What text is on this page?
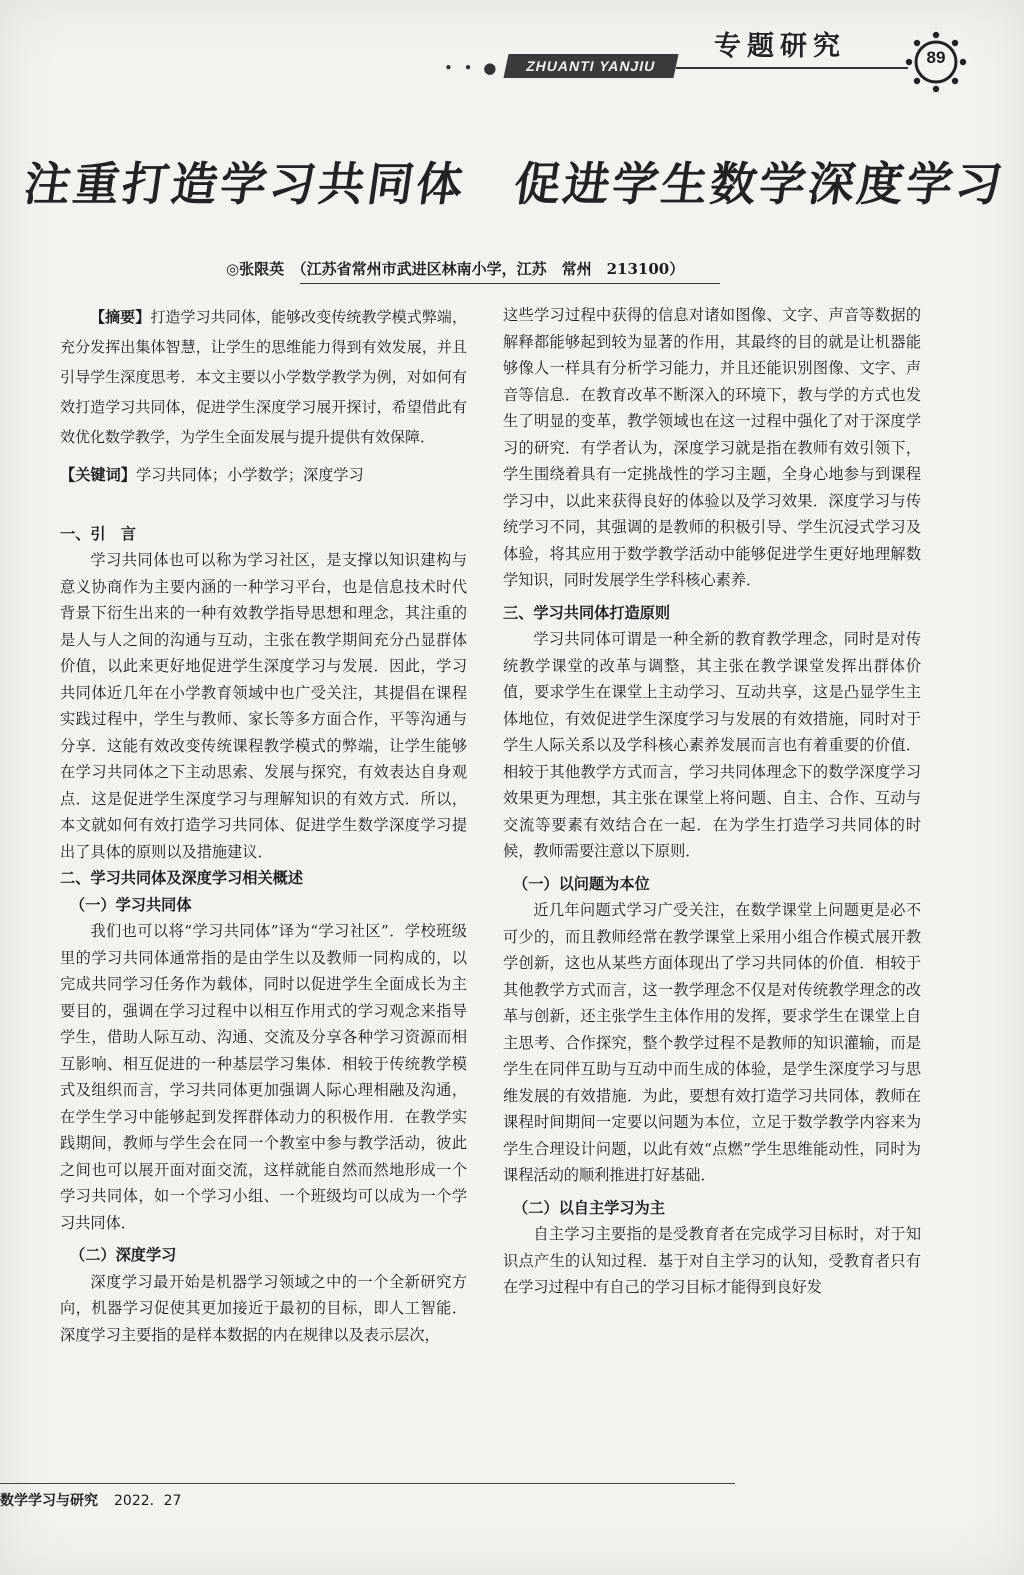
专题研究
• • ●	ZHUANTI YANJIU	89
注重打造学习共同体　促进学生数学深度学习
◎张限英　（江苏省常州市武进区林南小学，江苏　常州　213100）

【摘要】打造学习共同体，能够改变传统教学模式弊端，充分发挥出集体智慧，让学生的思维能力得到有效发展，并且引导学生深度思考．本文主要以小学数学教学为例，对如何有效打造学习共同体，促进学生深度学习展开探讨，希望借此有效优化数学教学，为学生全面发展与提升提供有效保障．

【关键词】学习共同体；小学数学；深度学习

一、引　言

学习共同体也可以称为学习社区，是支撑以知识建构与意义协商作为主要内涵的一种学习平台，也是信息技术时代背景下衍生出来的一种有效教学指导思想和理念，其注重的是人与人之间的沟通与互动，主张在教学期间充分凸显群体价值，以此来更好地促进学生深度学习与发展．因此，学习共同体近几年在小学教育领域中也广受关注，其提倡在课程实践过程中，学生与教师、家长等多方面合作，平等沟通与分享．这能有效改变传统课程教学模式的弊端，让学生能够在学习共同体之下主动思索、发展与探究，有效表达自身观点．这是促进学生深度学习与理解知识的有效方式．所以，本文就如何有效打造学习共同体、促进学生数学深度学习提出了具体的原则以及措施建议．

二、学习共同体及深度学习相关概述
（一）学习共同体

我们也可以将“学习共同体”译为“学习社区”．学校班级里的学习共同体通常指的是由学生以及教师一同构成的，以完成共同学习任务作为载体，同时以促进学生全面成长为主要目的，强调在学习过程中以相互作用式的学习观念来指导学生，借助人际互动、沟通、交流及分享各种学习资源而相互影响、相互促进的一种基层学习集体．相较于传统教学模式及组织而言，学习共同体更加强调人际心理相融及沟通，在学生学习中能够起到发挥群体动力的积极作用．在教学实践期间，教师与学生会在同一个教室中参与教学活动，彼此之间也可以展开面对面交流，这样就能自然而然地形成一个学习共同体，如一个学习小组、一个班级均可以成为一个学习共同体．

（二）深度学习

深度学习最开始是机器学习领域之中的一个全新研究方向，机器学习促使其更加接近于最初的目标，即人工智能．深度学习主要指的是样本数据的内在规律以及表示层次，

这些学习过程中获得的信息对诸如图像、文字、声音等数据的解释都能够起到较为显著的作用，其最终的目的就是让机器能够像人一样具有分析学习能力，并且还能识别图像、文字、声音等信息．在教育改革不断深入的环境下，教与学的方式也发生了明显的变革，教学领域也在这一过程中强化了对于深度学习的研究．有学者认为，深度学习就是指在教师有效引领下，学生围绕着具有一定挑战性的学习主题，全身心地参与到课程学习中，以此来获得良好的体验以及学习效果．深度学习与传统学习不同，其强调的是教师的积极引导、学生沉浸式学习及体验，将其应用于数学教学活动中能够促进学生更好地理解数学知识，同时发展学生学科核心素养．

三、学习共同体打造原则

学习共同体可谓是一种全新的教育教学理念，同时是对传统教学课堂的改革与调整，其主张在教学课堂发挥出群体价值，要求学生在课堂上主动学习、互动共享，这是凸显学生主体地位，有效促进学生深度学习与发展的有效措施，同时对于学生人际关系以及学科核心素养发展而言也有着重要的价值．相较于其他教学方式而言，学习共同体理念下的数学深度学习效果更为理想，其主张在课堂上将问题、自主、合作、互动与交流等要素有效结合在一起．在为学生打造学习共同体的时候，教师需要注意以下原则．

（一）以问题为本位

近几年问题式学习广受关注，在数学课堂上问题更是必不可少的，而且教师经常在教学课堂上采用小组合作模式展开教学创新，这也从某些方面体现出了学习共同体的价值．相较于其他教学方式而言，这一教学理念不仅是对传统教学理念的改革与创新，还主张学生主体作用的发挥，要求学生在课堂上自主思考、合作探究，整个教学过程不是教师的知识灌输，而是学生在同伴互助与互动中而生成的体验，是学生深度学习与思维发展的有效措施．为此，要想有效打造学习共同体，教师在课程时间期间一定要以问题为本位，立足于数学教学内容来为学生合理设计问题，以此有效“点燃”学生思维能动性，同时为课程活动的顺利推进打好基础．

（二）以自主学习为主

自主学习主要指的是受教育者在完成学习目标时，对于知识点产生的认知过程．基于对自主学习的认知，受教育者只有在学习过程中有自己的学习目标才能得到良好发

数学学习与研究 2022．27
